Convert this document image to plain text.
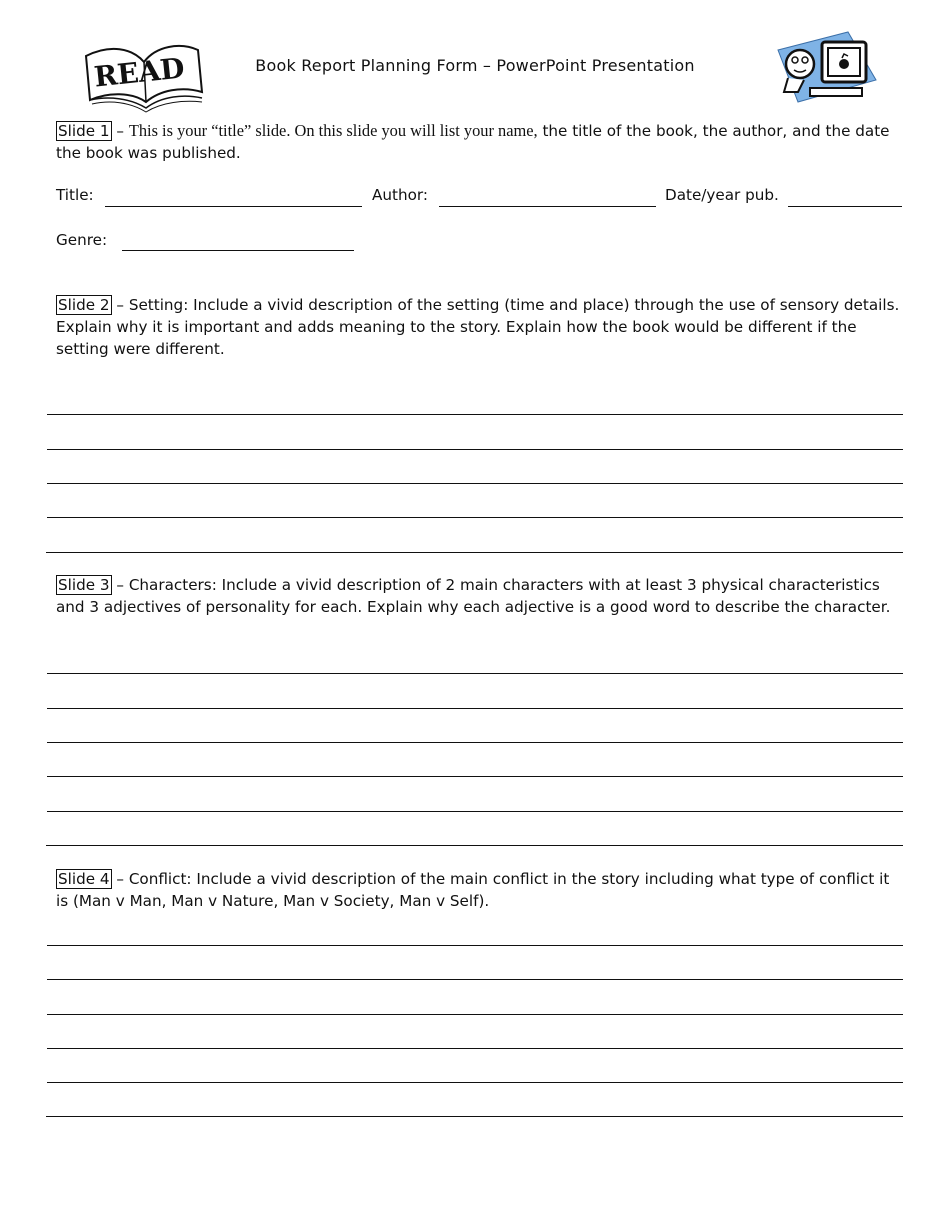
READ	Book Report Planning Form – PowerPoint Presentation
Slide 1 – This is your “title” slide. On this slide you will list your name, the title of the book, the author, and the date the book was published.
Title:	Author:	Date/year pub.
Genre:
Slide 2 – Setting: Include a vivid description of the setting (time and place) through the use of sensory details. Explain why it is important and adds meaning to the story. Explain how the book would be different if the setting were different.
Slide 3 – Characters: Include a vivid description of 2 main characters with at least 3 physical characteristics and 3 adjectives of personality for each. Explain why each adjective is a good word to describe the character.
Slide 4 – Conflict: Include a vivid description of the main conflict in the story including what type of conflict it is (Man v Man, Man v Nature, Man v Society, Man v Self).
